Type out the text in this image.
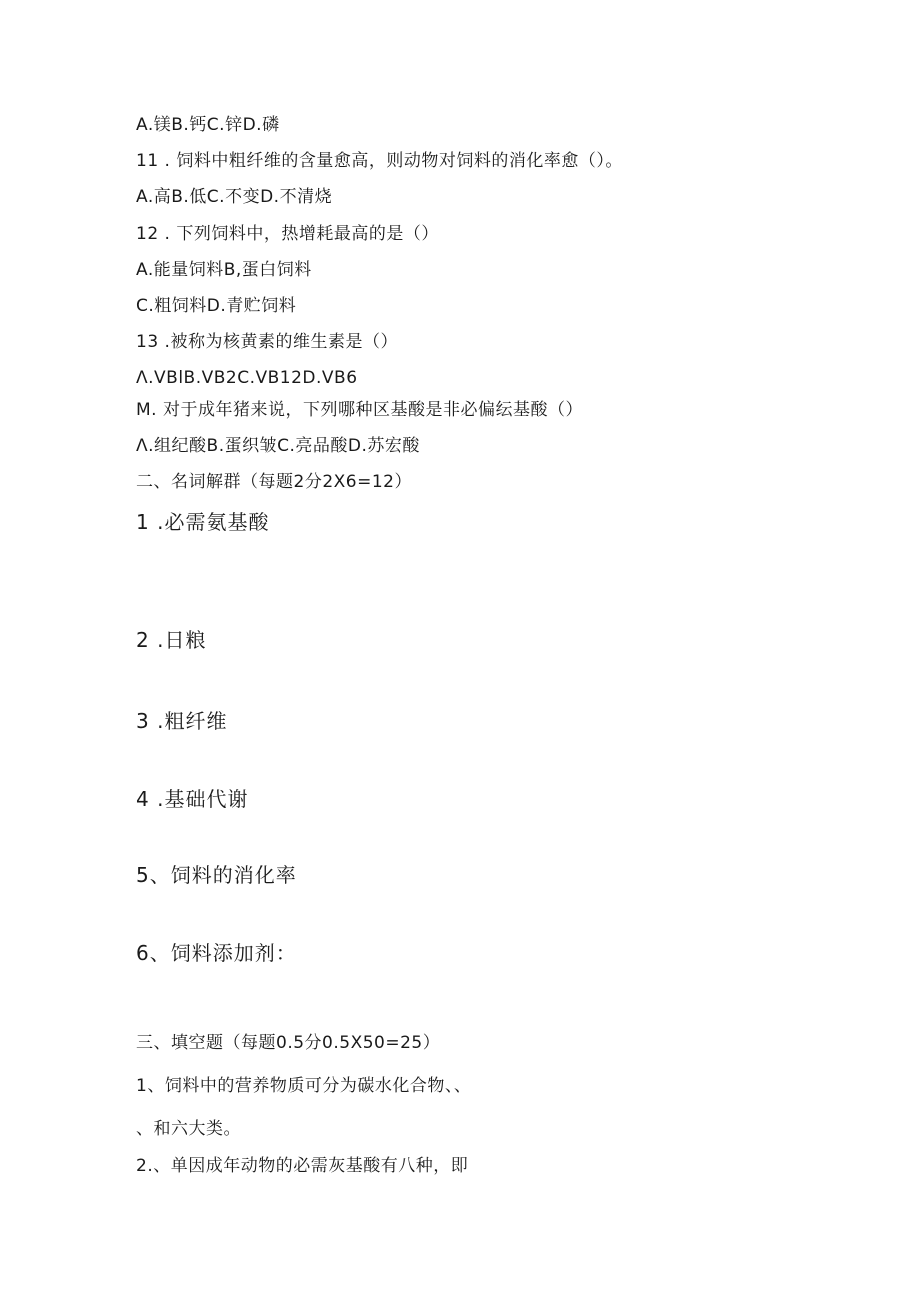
A.镁B.钙C.锌D.磷
11 . 饲料中粗纤维的含量愈高，则动物对饲料的消化率愈（）。
A.高B.低C.不变D.不清烧
12 . 下列饲料中，热增耗最高的是（）
A.能量饲料B,蛋白饲料
C.粗饲料D.青贮饲料
13 .被称为核黄素的维生素是（）
Λ.VBlB.VB2C.VB12D.VB6
M. 对于成年猪来说，下列哪种区基酸是非必偏纭基酸（）
Λ.组纪酸B.蛋织皱C.亮品酸D.苏宏酸
二、名词解群（每题2分2X6=12）
1 .必需氨基酸
2 .日粮
3 .粗纤维
4 .基础代谢
5、饲料的消化率
6、饲料添加剂：
三、填空题（每题0.5分0.5X50=25）
1、饲料中的营养物质可分为碳水化合物、、
、和六大类。
2.、单因成年动物的必需灰基酸有八种，即
